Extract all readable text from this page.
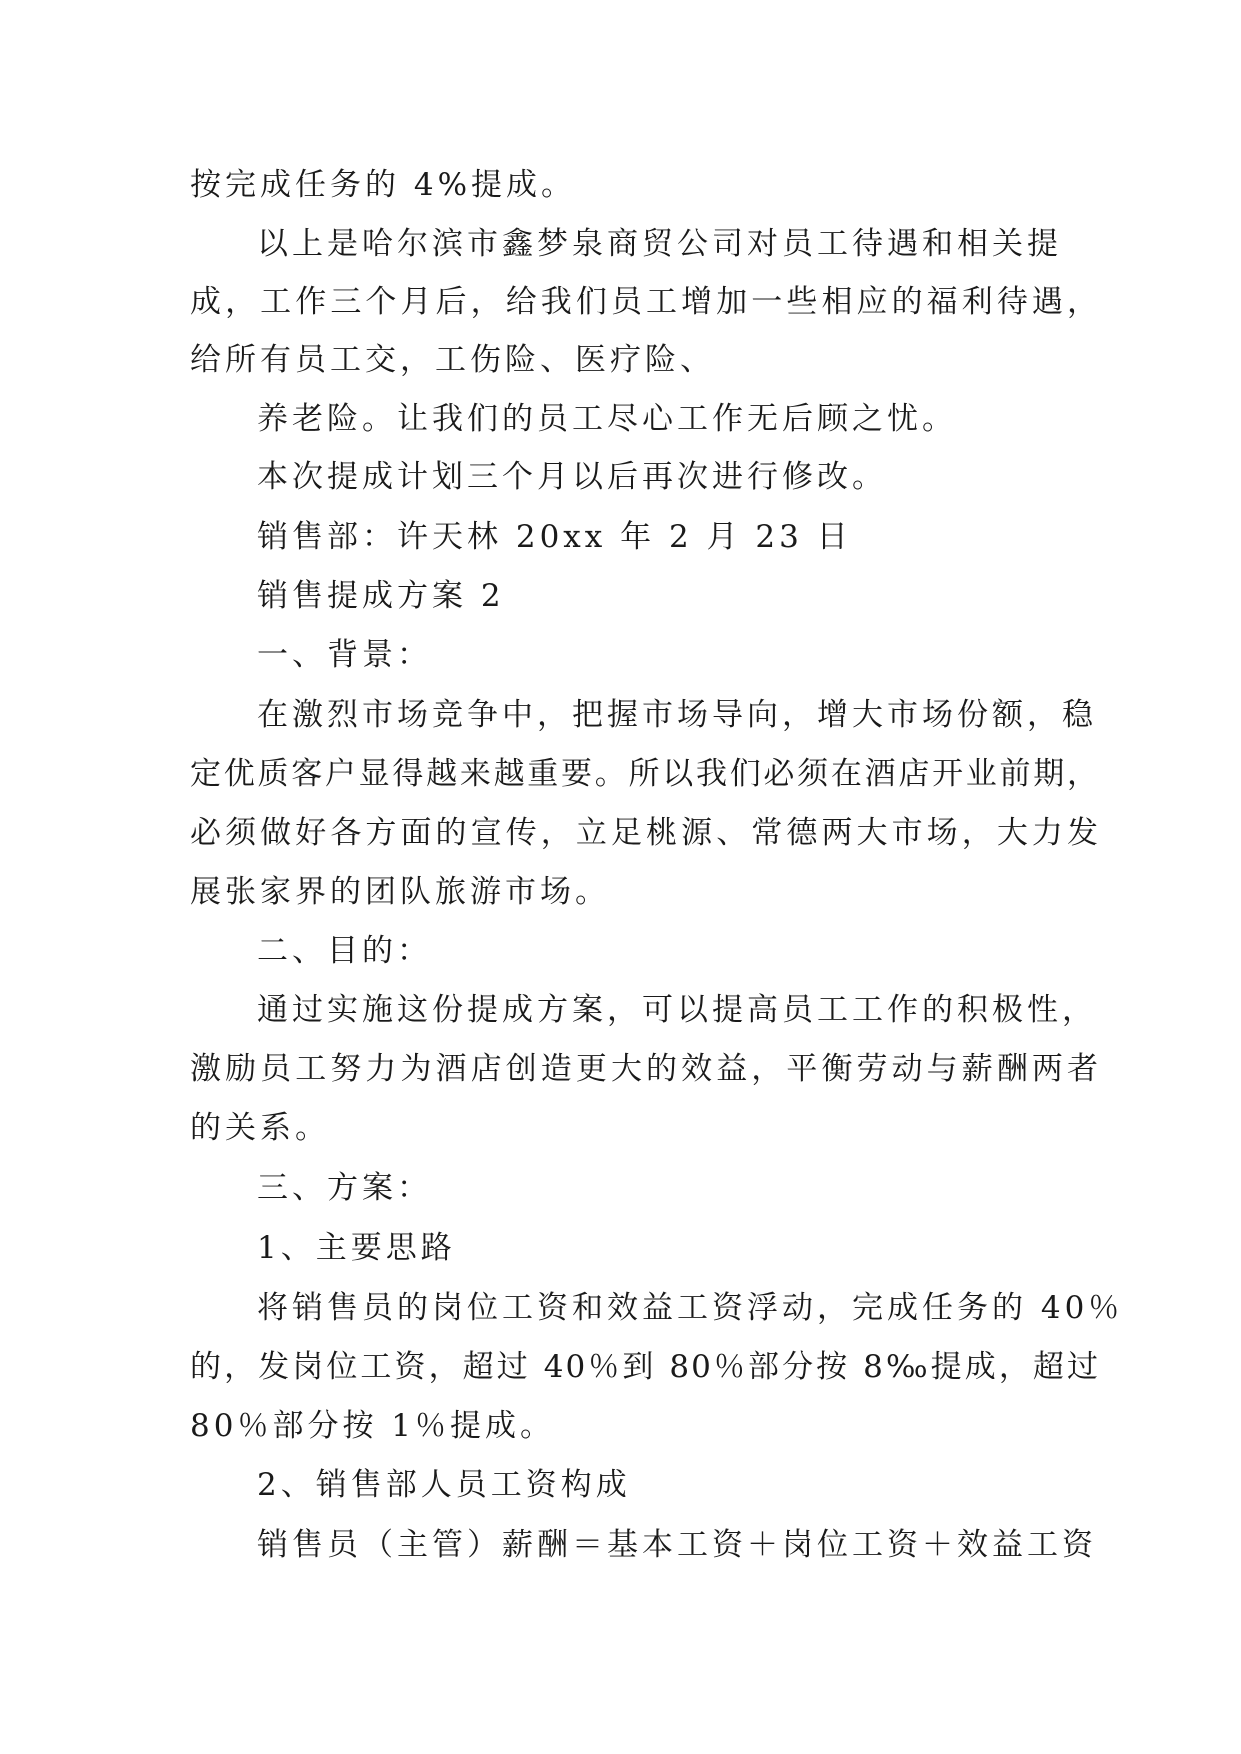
按完成任务的 4%提成。
以上是哈尔滨市鑫梦泉商贸公司对员工待遇和相关提
成，工作三个月后，给我们员工增加一些相应的福利待遇，
给所有员工交，工伤险、医疗险、
养老险。让我们的员工尽心工作无后顾之忧。
本次提成计划三个月以后再次进行修改。
销售部：许天林 20xx 年 2 月 23 日
销售提成方案 2
一、背景：
在激烈市场竞争中，把握市场导向，增大市场份额，稳
定优质客户显得越来越重要。所以我们必须在酒店开业前期，
必须做好各方面的宣传，立足桃源、常德两大市场，大力发
展张家界的团队旅游市场。
二、目的：
通过实施这份提成方案，可以提高员工工作的积极性，
激励员工努力为酒店创造更大的效益，平衡劳动与薪酬两者
的关系。
三、方案：
1、主要思路
将销售员的岗位工资和效益工资浮动，完成任务的 40％
的，发岗位工资，超过 40％到 80％部分按 8‰提成，超过
80％部分按 1％提成。
2、销售部人员工资构成
销售员（主管）薪酬＝基本工资＋岗位工资＋效益工资
